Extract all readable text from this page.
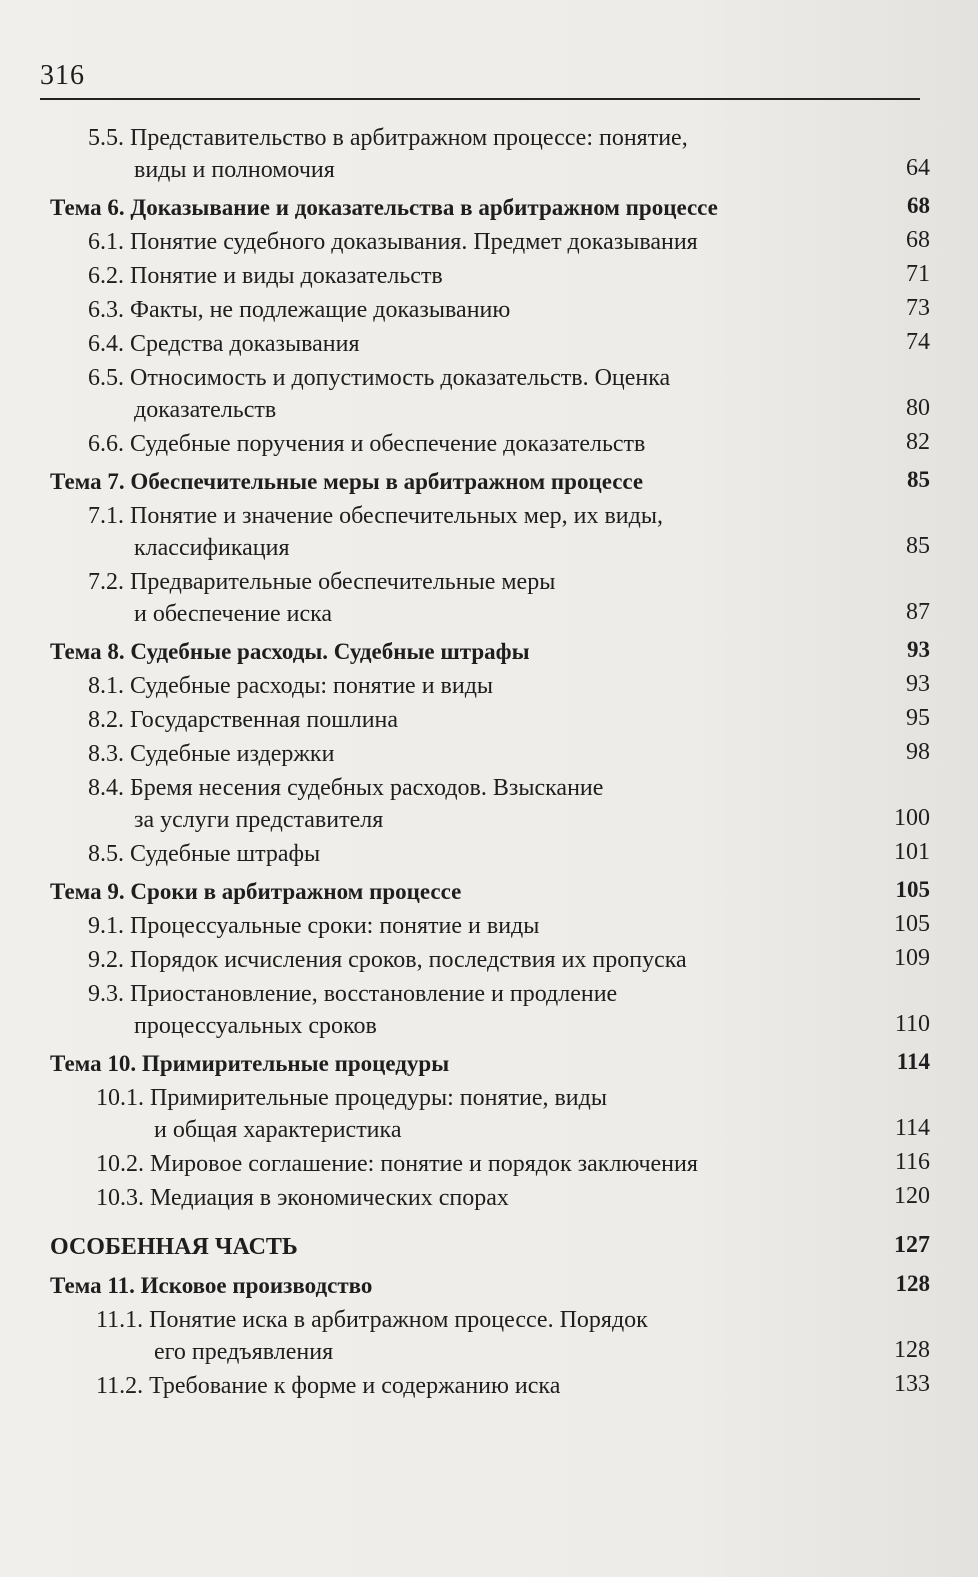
316
5.5. Представительство в арбитражном процессе: понятие,
виды и полномочия	64
Тема 6. Доказывание и доказательства в арбитражном процессе	68
6.1. Понятие судебного доказывания. Предмет доказывания	68
6.2. Понятие и виды доказательств	71
6.3. Факты, не подлежащие доказыванию	73
6.4. Средства доказывания	74
6.5. Относимость и допустимость доказательств. Оценка
доказательств	80
6.6. Судебные поручения и обеспечение доказательств	82
Тема 7. Обеспечительные меры в арбитражном процессе	85
7.1. Понятие и значение обеспечительных мер, их виды,
классификация	85
7.2. Предварительные обеспечительные меры
и обеспечение иска	87
Тема 8. Судебные расходы. Судебные штрафы	93
8.1. Судебные расходы: понятие и виды	93
8.2. Государственная пошлина	95
8.3. Судебные издержки	98
8.4. Бремя несения судебных расходов. Взыскание
за услуги представителя	100
8.5. Судебные штрафы	101
Тема 9. Сроки в арбитражном процессе	105
9.1. Процессуальные сроки: понятие и виды	105
9.2. Порядок исчисления сроков, последствия их пропуска	109
9.3. Приостановление, восстановление и продление
процессуальных сроков	110
Тема 10. Примирительные процедуры	114
10.1. Примирительные процедуры: понятие, виды
и общая характеристика	114
10.2. Мировое соглашение: понятие и порядок заключения	116
10.3. Медиация в экономических спорах	120
ОСОБЕННАЯ ЧАСТЬ	127
Тема 11. Исковое производство	128
11.1. Понятие иска в арбитражном процессе. Порядок
его предъявления	128
11.2. Требование к форме и содержанию иска	133
